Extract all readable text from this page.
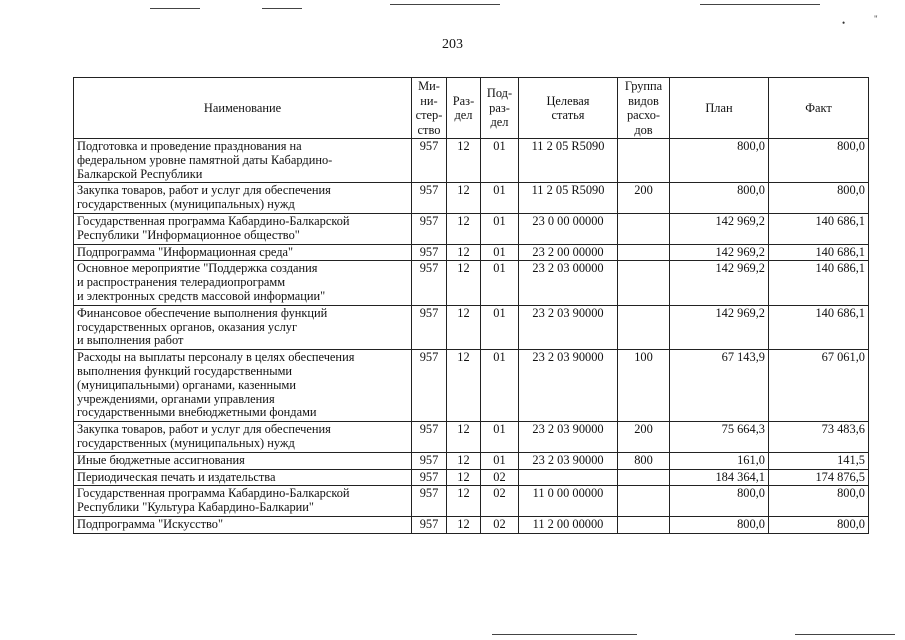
•	"
203
Наименование	Ми-
ни-
стер-
ство	Раз-
дел	Под-
раз-
дел	Целевая
статья	Группа
видов
расхо-
дов	План	Факт
Подготовка и проведение празднования на
федеральном уровне памятной даты Кабардино-
Балкарской Республики	957	12	01	11 2 05 R5090		800,0	800,0
Закупка товаров, работ и услуг для обеспечения
государственных (муниципальных) нужд	957	12	01	11 2 05 R5090	200	800,0	800,0
Государственная программа Кабардино-Балкарской
Республики "Информационное общество"	957	12	01	23 0 00 00000		142 969,2	140 686,1
Подпрограмма "Информационная среда"	957	12	01	23 2 00 00000		142 969,2	140 686,1
Основное мероприятие "Поддержка создания
и распространения телерадиопрограмм
и электронных средств массовой информации"	957	12	01	23 2 03 00000		142 969,2	140 686,1
Финансовое обеспечение выполнения функций
государственных органов, оказания услуг
и выполнения работ	957	12	01	23 2 03 90000		142 969,2	140 686,1
Расходы на выплаты персоналу в целях обеспечения
выполнения функций государственными
(муниципальными) органами, казенными
учреждениями, органами управления
государственными внебюджетными фондами	957	12	01	23 2 03 90000	100	67 143,9	67 061,0
Закупка товаров, работ и услуг для обеспечения
государственных (муниципальных) нужд	957	12	01	23 2 03 90000	200	75 664,3	73 483,6
Иные бюджетные ассигнования	957	12	01	23 2 03 90000	800	161,0	141,5
Периодическая печать и издательства	957	12	02			184 364,1	174 876,5
Государственная программа Кабардино-Балкарской
Республики "Культура Кабардино-Балкарии"	957	12	02	11 0 00 00000		800,0	800,0
Подпрограмма "Искусство"	957	12	02	11 2 00 00000		800,0	800,0
